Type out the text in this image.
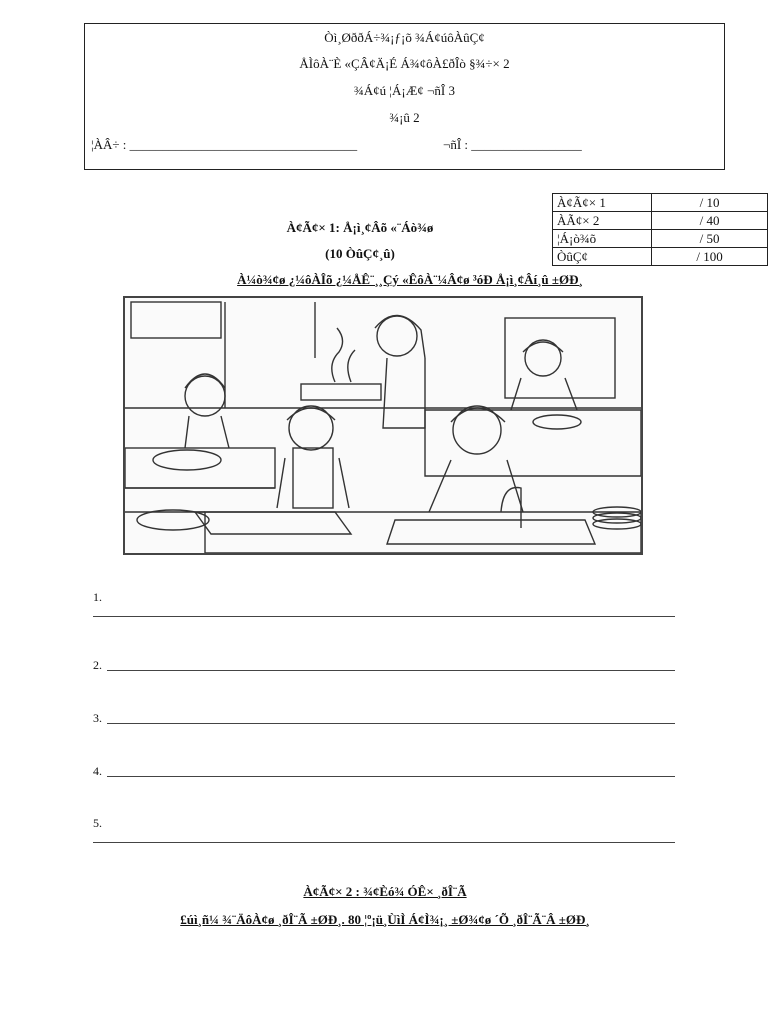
Òì¸ØððÁ÷¾¡ƒ¡õ ¾Á¢úôÀûÇ¢
ÅÌôÀ¨È «ÇÂ¢Ä¡É Á¾¢ôÀ£ðÎò §¾÷× 2
¾Á¢ú ¦Á¡Æ¢ ¬ñÎ 3
¾¡û 2
¦ÀÂ÷ : ___________________________________	¬ñÎ : _________________
À¢Ã¢× 1	/ 10
ÀÃ¢× 2	/ 40
¦Á¡ò¾õ	/ 50
ÒûÇ¢	/ 100
À¢Ã¢× 1: Å¡ì¸¢Âõ «¨Áò¾ø
(10 ÒûÇ¢¸û)
À¼ò¾¢ø ¿¼ôÀÎõ ¿¼ÅÊ¨¸¸Çý «ÊôÀ¨¼Â¢ø ³óÐ Å¡ì¸¢Âí¸û ±ØÐ¸
1.
2.
3.
4.
5.
À¢Ã¢× 2 : ¾¢Èó¾ ÓÊ× ¸ðÎ¨Ã
£úì¸ñ¼ ¾¨ÄôÀ¢ø ¸ðÎ¨Ã ±ØÐ¸. 80 ¦º¡ü¸ÙìÌ Á¢Ì¾¡¸ ±Ø¾¢ø ´Õ ¸ðÎ¨Ã¨Â ±ØÐ¸
